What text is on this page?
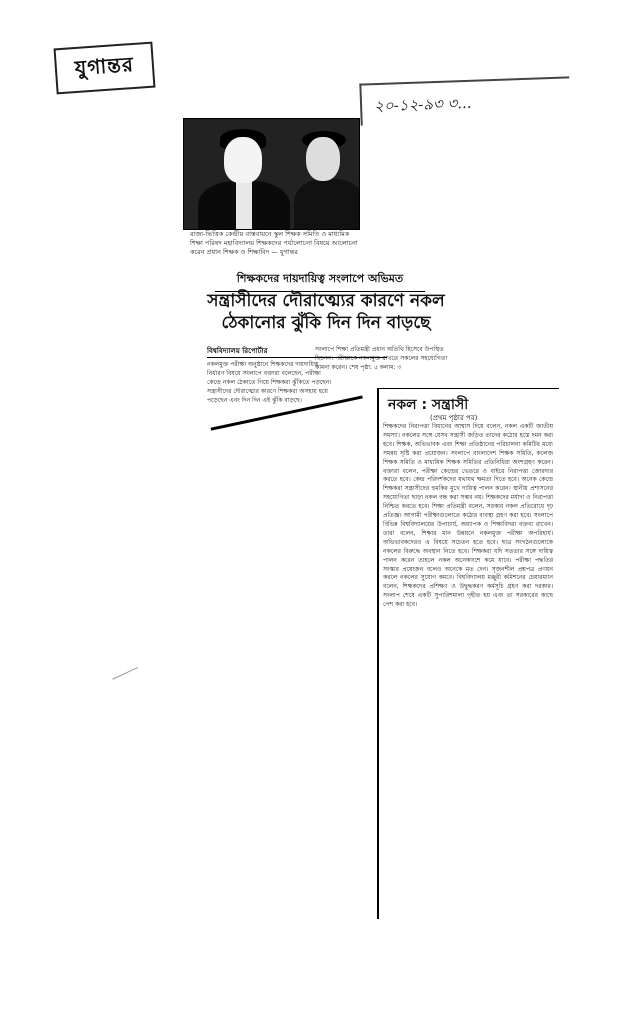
যুগান্তর
২০-১২-৯৩ ৩...
রাজ্য-ভিত্তিক কেন্দ্রীয় বাস্তবায়নে স্কুল শিক্ষক সমিতি ও মাধ্যমিক শিক্ষা পরিষদ মহাবিদ্যালয় শিক্ষকদের পর্যালোচনা বিষয়ে আলোচনা করেন প্রধান শিক্ষক ও শিক্ষাবিদ — যুগান্তর
শিক্ষকদের দায়দায়িত্ব সংলাপে অভিমত
সন্ত্রাসীদের দৌরাত্ম্যের কারণে নকল ঠেকানোর ঝুঁকি দিন দিন বাড়ছে
বিশ্ববিদ্যালয় রিপোর্টার	সংলাপে শিক্ষা প্রতিমন্ত্রী প্রধান অতিথি হিসেবে উপস্থিত ছিলেন। পরীক্ষাকে নকলমুক্ত রাখতে সকলের সহযোগিতা কামনা করেন। শেষ পৃষ্ঠা: ৫ কলাম: ৩
নকলমুক্ত পরীক্ষা অনুষ্ঠানে শিক্ষকদের দায়দায়িত্ব নির্ধারণ বিষয়ে সংলাপে বক্তারা বলেছেন, পরীক্ষা কেন্দ্রে নকল ঠেকাতে গিয়ে শিক্ষকরা ঝুঁকিতে পড়ছেন। সন্ত্রাসীদের দৌরাত্ম্যের কারণে শিক্ষকরা অসহায় হয়ে পড়েছেন এবং দিন দিন এই ঝুঁকি বাড়ছে।	নকল : সন্ত্রাসী
(প্রথম পৃষ্ঠার পর)
শিক্ষকদের নিরাপত্তা বিধানের আশ্বাস দিয়ে বলেন, নকল একটি জাতীয় সমস্যা। নকলের সঙ্গে যেসব সন্ত্রাসী জড়িত তাদের কঠোর হস্তে দমন করা হবে। শিক্ষক, অভিভাবক এবং শিক্ষা প্রতিষ্ঠানের পরিচালনা কমিটির মধ্যে সমন্বয় সৃষ্টি করা প্রয়োজন। সংলাপে বাংলাদেশ শিক্ষক সমিতি, কলেজ শিক্ষক সমিতি ও মাধ্যমিক শিক্ষক সমিতির প্রতিনিধিরা অংশগ্রহণ করেন। বক্তারা বলেন, পরীক্ষা কেন্দ্রের ভেতরে ও বাইরে নিরাপত্তা জোরদার করতে হবে। কেন্দ্র পরিদর্শকদের যথাযথ ক্ষমতা দিতে হবে। অনেক কেন্দ্রে শিক্ষকরা সন্ত্রাসীদের হুমকির মুখে দায়িত্ব পালন করেন। স্থানীয় প্রশাসনের সহযোগিতা ছাড়া নকল বন্ধ করা সম্ভব নয়। শিক্ষকদের মর্যাদা ও নিরাপত্তা নিশ্চিত করতে হবে। শিক্ষা প্রতিমন্ত্রী বলেন, সরকার নকল প্রতিরোধে দৃঢ় প্রতিজ্ঞ। আগামী পরীক্ষাগুলোতে কঠোর ব্যবস্থা গ্রহণ করা হবে। সংলাপে বিভিন্ন বিশ্ববিদ্যালয়ের উপাচার্য, অধ্যাপক ও শিক্ষাবিদরা বক্তব্য রাখেন। তারা বলেন, শিক্ষার মান উন্নয়নে নকলমুক্ত পরীক্ষা অপরিহার্য। অভিভাবকদেরও এ বিষয়ে সচেতন হতে হবে। ছাত্র সংগঠনগুলোকে নকলের বিরুদ্ধে অবস্থান নিতে হবে। শিক্ষকরা যদি সততার সঙ্গে দায়িত্ব পালন করেন তাহলে নকল অনেকাংশে কমে যাবে। পরীক্ষা পদ্ধতির সংস্কার প্রয়োজন বলেও অনেকে মত দেন। সৃজনশীল প্রশ্নপত্র প্রণয়ন করলে নকলের সুযোগ কমবে। বিশ্ববিদ্যালয় মঞ্জুরী কমিশনের চেয়ারম্যান বলেন, শিক্ষকদের প্রশিক্ষণ ও উদ্বুদ্ধকরণ কর্মসূচি গ্রহণ করা দরকার। সংলাপ শেষে একটি সুপারিশমালা গৃহীত হয় এবং তা সরকারের কাছে পেশ করা হবে।
